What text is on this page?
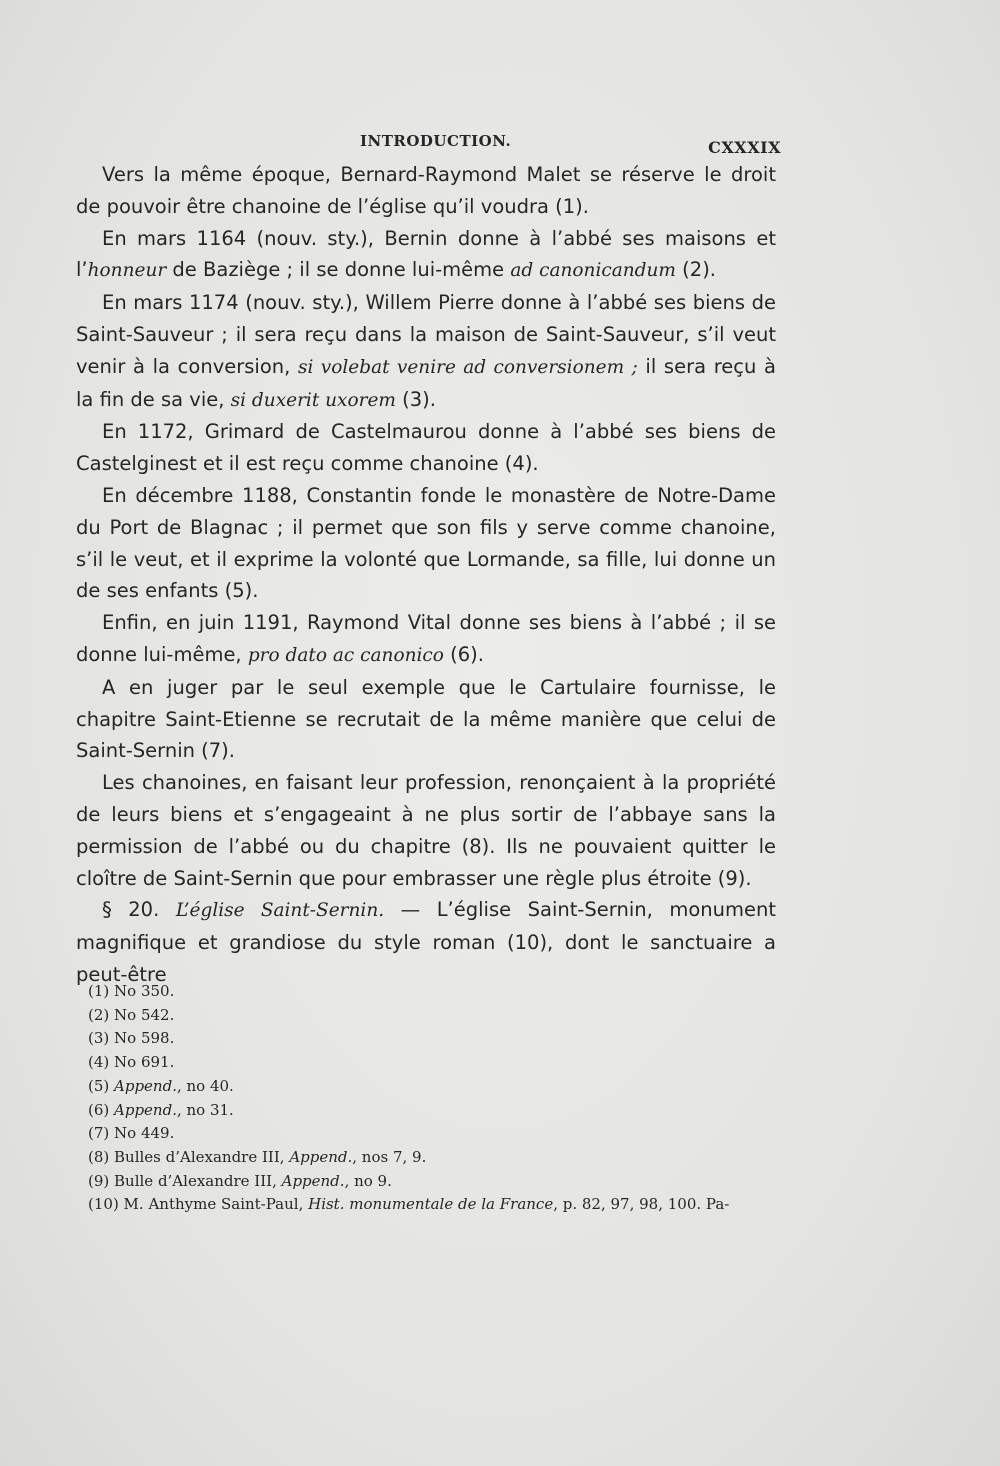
INTRODUCTION.	CXXXIX

Vers la même époque, Bernard-Raymond Malet se réserve le droit de pouvoir être chanoine de l’église qu’il voudra (1).

En mars 1164 (nouv. sty.), Bernin donne à l’abbé ses maisons et l’honneur de Baziège ; il se donne lui-même ad canonicandum (2).

En mars 1174 (nouv. sty.), Willem Pierre donne à l’abbé ses biens de Saint-Sauveur ; il sera reçu dans la maison de Saint-Sauveur, s’il veut venir à la conversion, si volebat venire ad conversionem ; il sera reçu à la fin de sa vie, si duxerit uxorem (3).

En 1172, Grimard de Castelmaurou donne à l’abbé ses biens de Castelginest et il est reçu comme chanoine (4).

En décembre 1188, Constantin fonde le monastère de Notre-Dame du Port de Blagnac ; il permet que son fils y serve comme chanoine, s’il le veut, et il exprime la volonté que Lormande, sa fille, lui donne un de ses enfants (5).

Enfin, en juin 1191, Raymond Vital donne ses biens à l’abbé ; il se donne lui-même, pro dato ac canonico (6).

A en juger par le seul exemple que le Cartulaire fournisse, le chapitre Saint-Etienne se recrutait de la même manière que celui de Saint-Sernin (7).

Les chanoines, en faisant leur profession, renonçaient à la propriété de leurs biens et s’engageaint à ne plus sortir de l’abbaye sans la permission de l’abbé ou du chapitre (8). Ils ne pouvaient quitter le cloître de Saint-Sernin que pour embrasser une règle plus étroite (9).

§ 20. L’église Saint-Sernin. — L’église Saint-Sernin, monument magnifique et grandiose du style roman (10), dont le sanctuaire a peut-être

(1) No 350.
(2) No 542.
(3) No 598.
(4) No 691.
(5) Append., no 40.
(6) Append., no 31.
(7) No 449.
(8) Bulles d’Alexandre III, Append., nos 7, 9.
(9) Bulle d’Alexandre III, Append., no 9.
(10) M. Anthyme Saint-Paul, Hist. monumentale de la France, p. 82, 97, 98, 100. Pa-
